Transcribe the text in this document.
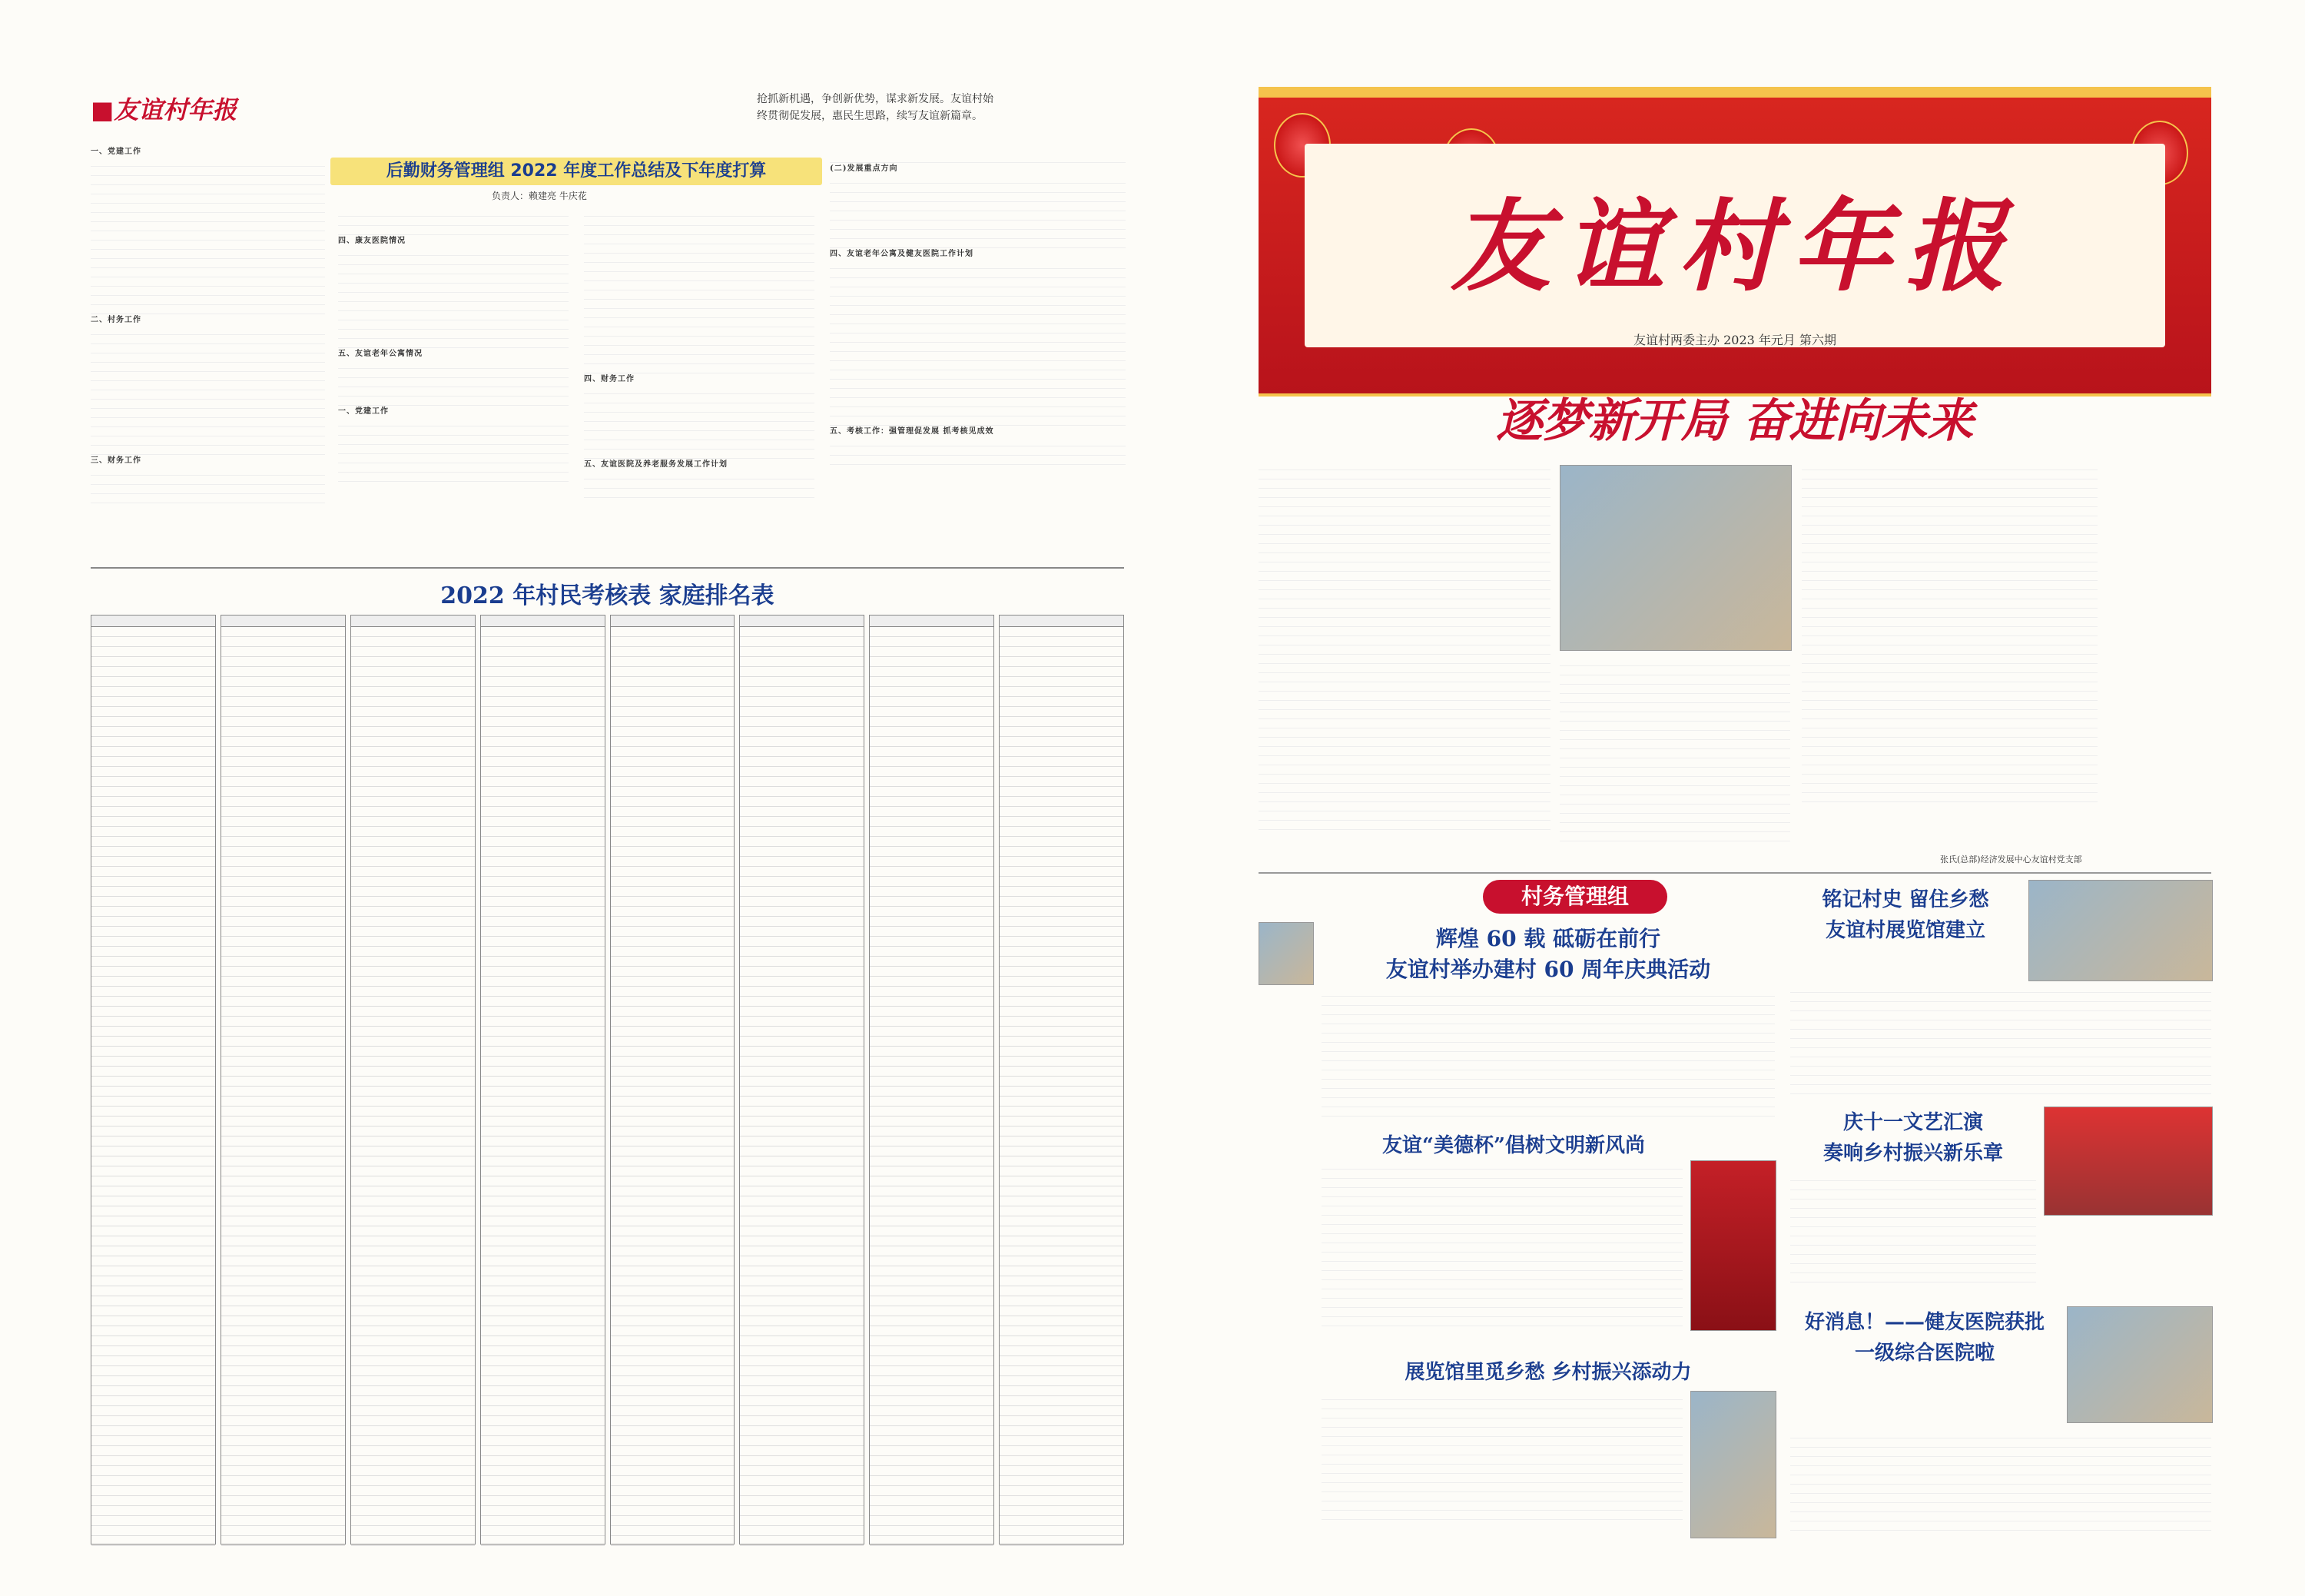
■友谊村年报	抢抓新机遇，争创新优势，谋求新发展。友谊村始
终贯彻促发展，惠民生思路，续写友谊新篇章。
一、党建工作
二、村务工作
三、财务工作
后勤财务管理组 2022 年度工作总结及下年度打算
负责人：赖建亮 牛庆花
四、康友医院情况
五、友谊老年公寓情况
一、党建工作
四、财务工作
五、友谊医院及养老服务发展工作计划
(二)发展重点方向
四、友谊老年公寓及健友医院工作计划
五、考核工作：强管理促发展 抓考核见成效
2022 年村民考核表 家庭排名表
友谊村年报
友谊村两委主办 2023 年元月 第六期
逐梦新开局 奋进向未来
张氏(总部)经济发展中心友谊村党支部
村务管理组
辉煌 60 载 砥砺在前行
友谊村举办建村 60 周年庆典活动
友谊“美德杯”倡树文明新风尚
展览馆里觅乡愁 乡村振兴添动力
铭记村史 留住乡愁
友谊村展览馆建立
庆十一文艺汇演
奏响乡村振兴新乐章
好消息！——健友医院获批
一级综合医院啦
